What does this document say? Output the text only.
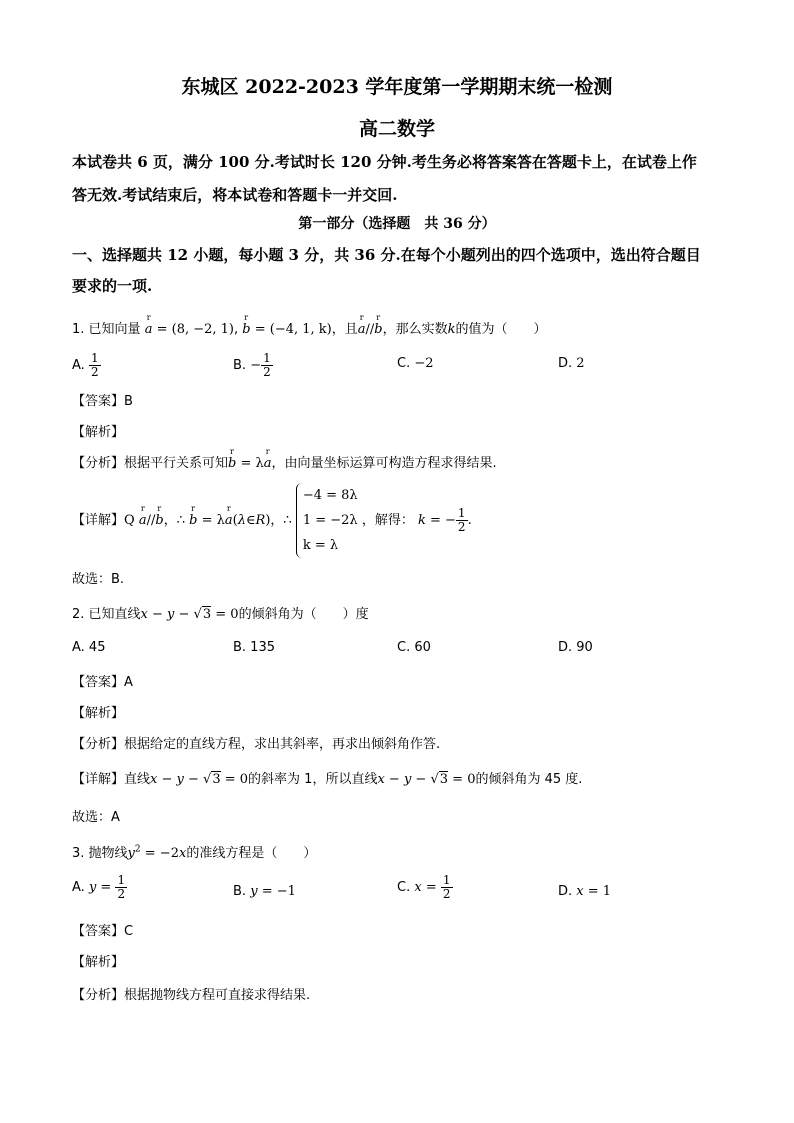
东城区 2022-2023 学年度第一学期期末统一检测
高二数学
本试卷共 6 页，满分 100 分.考试时长 120 分钟.考生务必将答案答在答题卡上，在试卷上作
答无效.考试结束后，将本试卷和答题卡一并交回.
第一部分（选择题　共 36 分）
一、选择题共 12 小题，每小题 3 分，共 36 分.在每个小题列出的四个选项中，选出符合题目
要求的一项.
1. 已知向量 r a = (8, −2, 1), r b = (−4, 1, k)，且r a//r b，那么实数k的值为（　　）
A. $\frac{1}{2}$	B. − $\frac{1}{2}$	C. −2	D. 2
【答案】B
【解析】
【分析】根据平行关系可知r b = λr a，由向量坐标运算可构造方程求得结果.
【详解】Q r a//r b，∴ r b = λr a(λ∈R)，∴
−4 = 8λ
1 = −2λ
k = λ
，解得： k = − $\frac{1}{2}$ .
故选：B.
2. 已知直线x − y − √3 = 0的倾斜角为（　　）度
A. 45	B. 135	C. 60	D. 90
【答案】A
【解析】
【分析】根据给定的直线方程，求出其斜率，再求出倾斜角作答.
【详解】直线x − y − √3 = 0的斜率为 1，所以直线x − y − √3 = 0的倾斜角为 45 度.
故选：A
3. 抛物线$y^2 = -2x$的准线方程是（　　）
A. $y = \frac{1}{2}$	B. y = −1	C. $x = \frac{1}{2}$	D. x = 1
【答案】C
【解析】
【分析】根据抛物线方程可直接求得结果.
